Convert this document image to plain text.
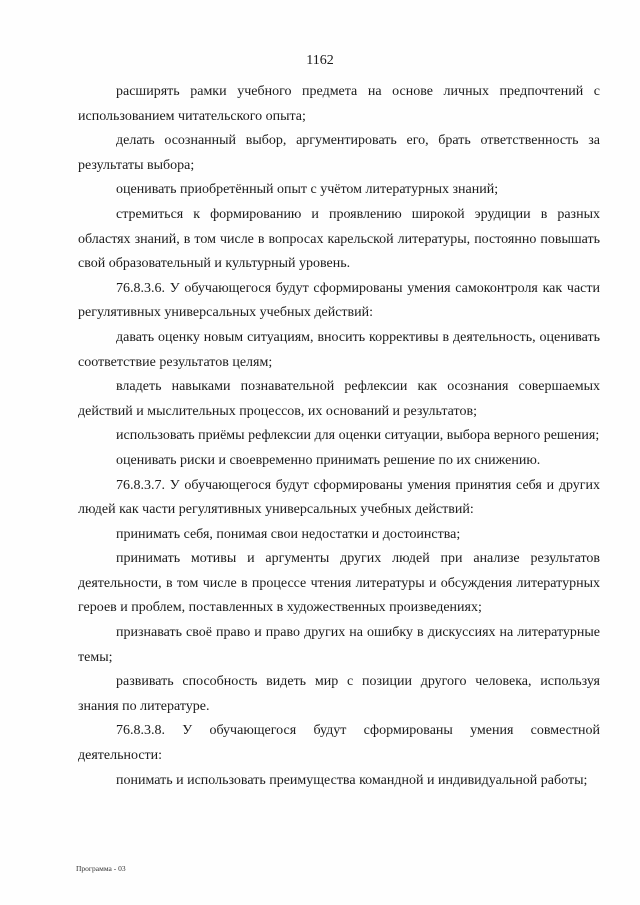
1162

расширять рамки учебного предмета на основе личных предпочтений с использованием читательского опыта;

делать осознанный выбор, аргументировать его, брать ответственность за результаты выбора;

оценивать приобретённый опыт с учётом литературных знаний;

стремиться к формированию и проявлению широкой эрудиции в разных областях знаний, в том числе в вопросах карельской литературы, постоянно повышать свой образовательный и культурный уровень.

76.8.3.6. У обучающегося будут сформированы умения самоконтроля как части регулятивных универсальных учебных действий:

давать оценку новым ситуациям, вносить коррективы в деятельность, оценивать соответствие результатов целям;

владеть навыками познавательной рефлексии как осознания совершаемых действий и мыслительных процессов, их оснований и результатов;

использовать приёмы рефлексии для оценки ситуации, выбора верного решения;

оценивать риски и своевременно принимать решение по их снижению.

76.8.3.7. У обучающегося будут сформированы умения принятия себя и других людей как части регулятивных универсальных учебных действий:

принимать себя, понимая свои недостатки и достоинства;

принимать мотивы и аргументы других людей при анализе результатов деятельности, в том числе в процессе чтения литературы и обсуждения литературных героев и проблем, поставленных в художественных произведениях;

признавать своё право и право других на ошибку в дискуссиях на литературные темы;

развивать способность видеть мир с позиции другого человека, используя знания по литературе.

76.8.3.8. У обучающегося будут сформированы умения совместной деятельности:

понимать и использовать преимущества командной и индивидуальной работы;

Программа - 03
